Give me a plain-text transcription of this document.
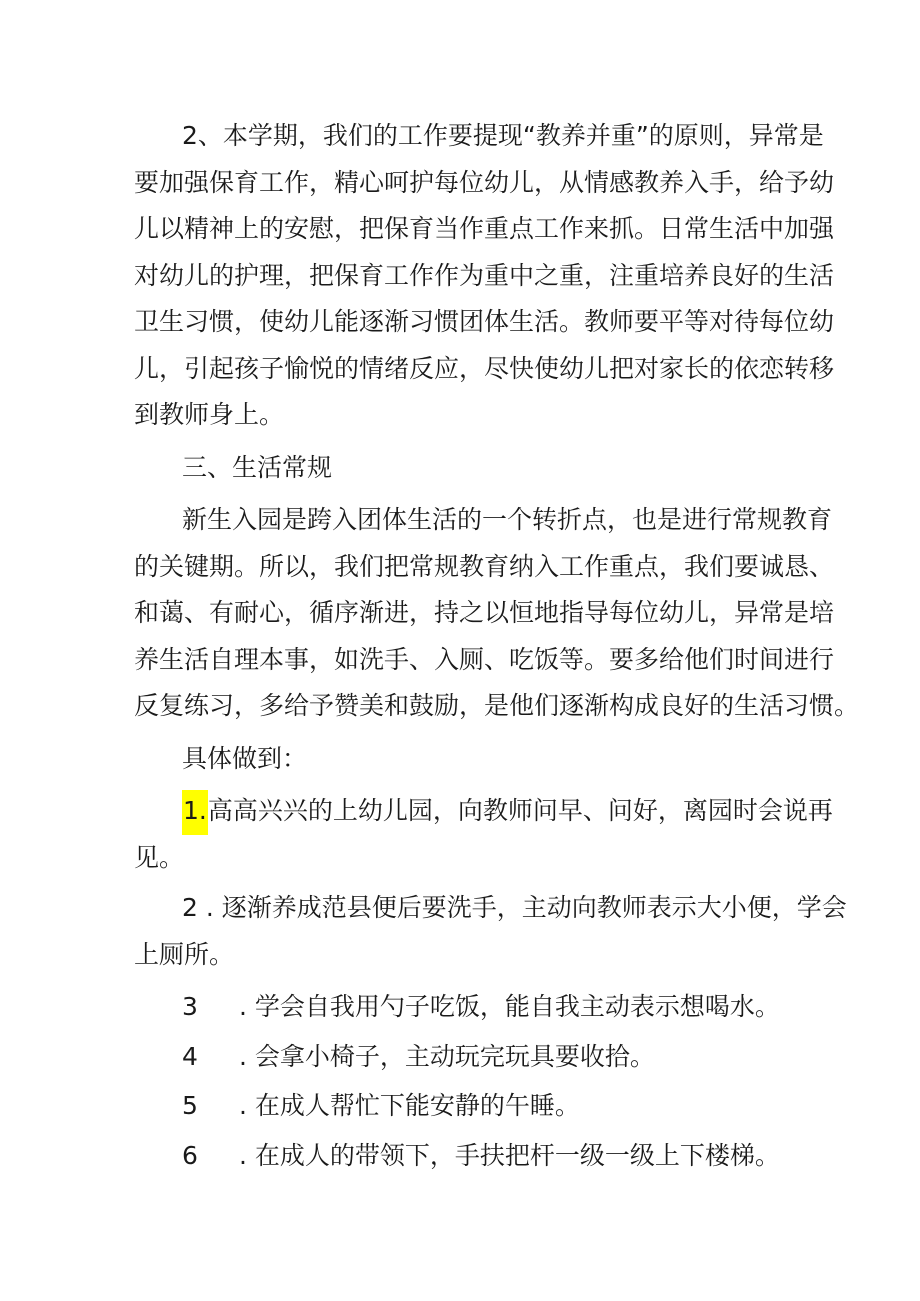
2、本学期，我们的工作要提现“教养并重”的原则，异常是
要加强保育工作，精心呵护每位幼儿，从情感教养入手，给予幼
儿以精神上的安慰，把保育当作重点工作来抓。日常生活中加强
对幼儿的护理，把保育工作作为重中之重，注重培养良好的生活
卫生习惯，使幼儿能逐渐习惯团体生活。教师要平等对待每位幼
儿，引起孩子愉悦的情绪反应，尽快使幼儿把对家长的依恋转移
到教师身上。
三、生活常规
新生入园是跨入团体生活的一个转折点，也是进行常规教育
的关键期。所以，我们把常规教育纳入工作重点，我们要诚恳、
和蔼、有耐心，循序渐进，持之以恒地指导每位幼儿，异常是培
养生活自理本事，如洗手、入厕、吃饭等。要多给他们时间进行
反复练习，多给予赞美和鼓励，是他们逐渐构成良好的生活习惯。
具体做到：
1.高高兴兴的上幼儿园，向教师问早、问好，离园时会说再
见。
2 . 逐渐养成范县便后要洗手，主动向教师表示大小便，学会
上厕所。
3 . 学会自我用勺子吃饭，能自我主动表示想喝水。
4 . 会拿小椅子，主动玩完玩具要收拾。
5 . 在成人帮忙下能安静的午睡。
6 . 在成人的带领下，手扶把杆一级一级上下楼梯。
